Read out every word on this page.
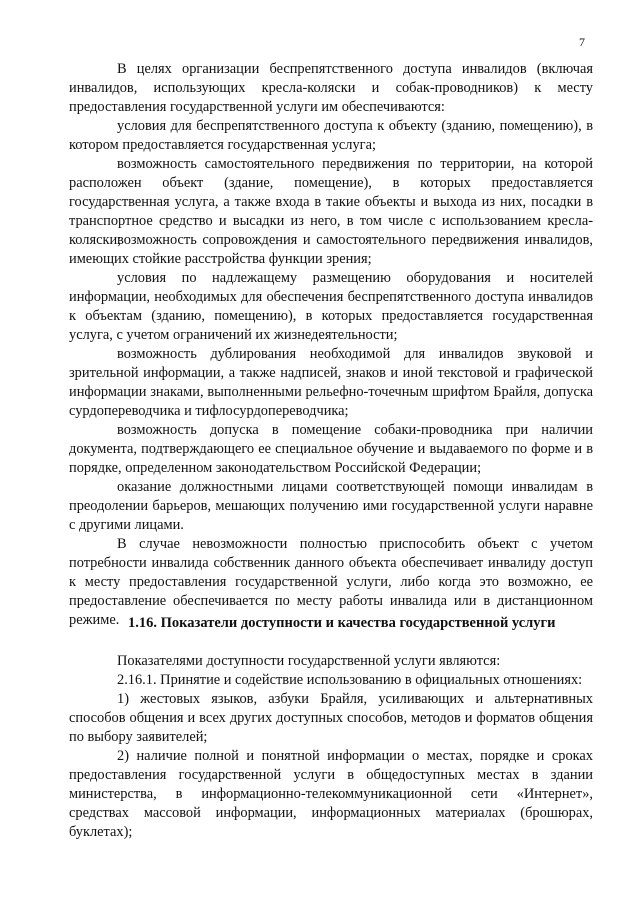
7

В целях организации беспрепятственного доступа инвалидов (включая инвалидов, использующих кресла-коляски и собак-проводников) к месту предоставления государственной услуги им обеспечиваются:

условия для беспрепятственного доступа к объекту (зданию, помещению), в котором предоставляется государственная услуга;

возможность самостоятельного передвижения по территории, на которой расположен объект (здание, помещение), в которых предоставляется государственная услуга, а также входа в такие объекты и выхода из них, посадки в транспортное средство и высадки из него, в том числе с использованием кресла-коляски;

возможность сопровождения и самостоятельного передвижения инвалидов, имеющих стойкие расстройства функции зрения;

условия по надлежащему размещению оборудования и носителей информации, необходимых для обеспечения беспрепятственного доступа инвалидов к объектам (зданию, помещению), в которых предоставляется государственная услуга, с учетом ограничений их жизнедеятельности;

возможность дублирования необходимой для инвалидов звуковой и зрительной информации, а также надписей, знаков и иной текстовой и графической информации знаками, выполненными рельефно-точечным шрифтом Брайля, допуска сурдопереводчика и тифлосурдопереводчика;

возможность допуска в помещение собаки-проводника при наличии документа, подтверждающего ее специальное обучение и выдаваемого по форме и в порядке, определенном законодательством Российской Федерации;

оказание должностными лицами соответствующей помощи инвалидам в преодолении барьеров, мешающих получению ими государственной услуги наравне с другими лицами.

В случае невозможности полностью приспособить объект с учетом потребности инвалида собственник данного объекта обеспечивает инвалиду доступ к месту предоставления государственной услуги, либо когда это возможно, ее предоставление обеспечивается по месту работы инвалида или в дистанционном режиме. 1.16. Показатели доступности и качества государственной услуги

Показателями доступности государственной услуги являются:

2.16.1. Принятие и содействие использованию в официальных отношениях:

1) жестовых языков, азбуки Брайля, усиливающих и альтернативных способов общения и всех других доступных способов, методов и форматов общения по выбору заявителей;

2) наличие полной и понятной информации о местах, порядке и сроках предоставления государственной услуги в общедоступных местах в здании министерства, в информационно-телекоммуникационной сети «Интернет», средствах массовой информации, информационных материалах (брошюрах, буклетах);
